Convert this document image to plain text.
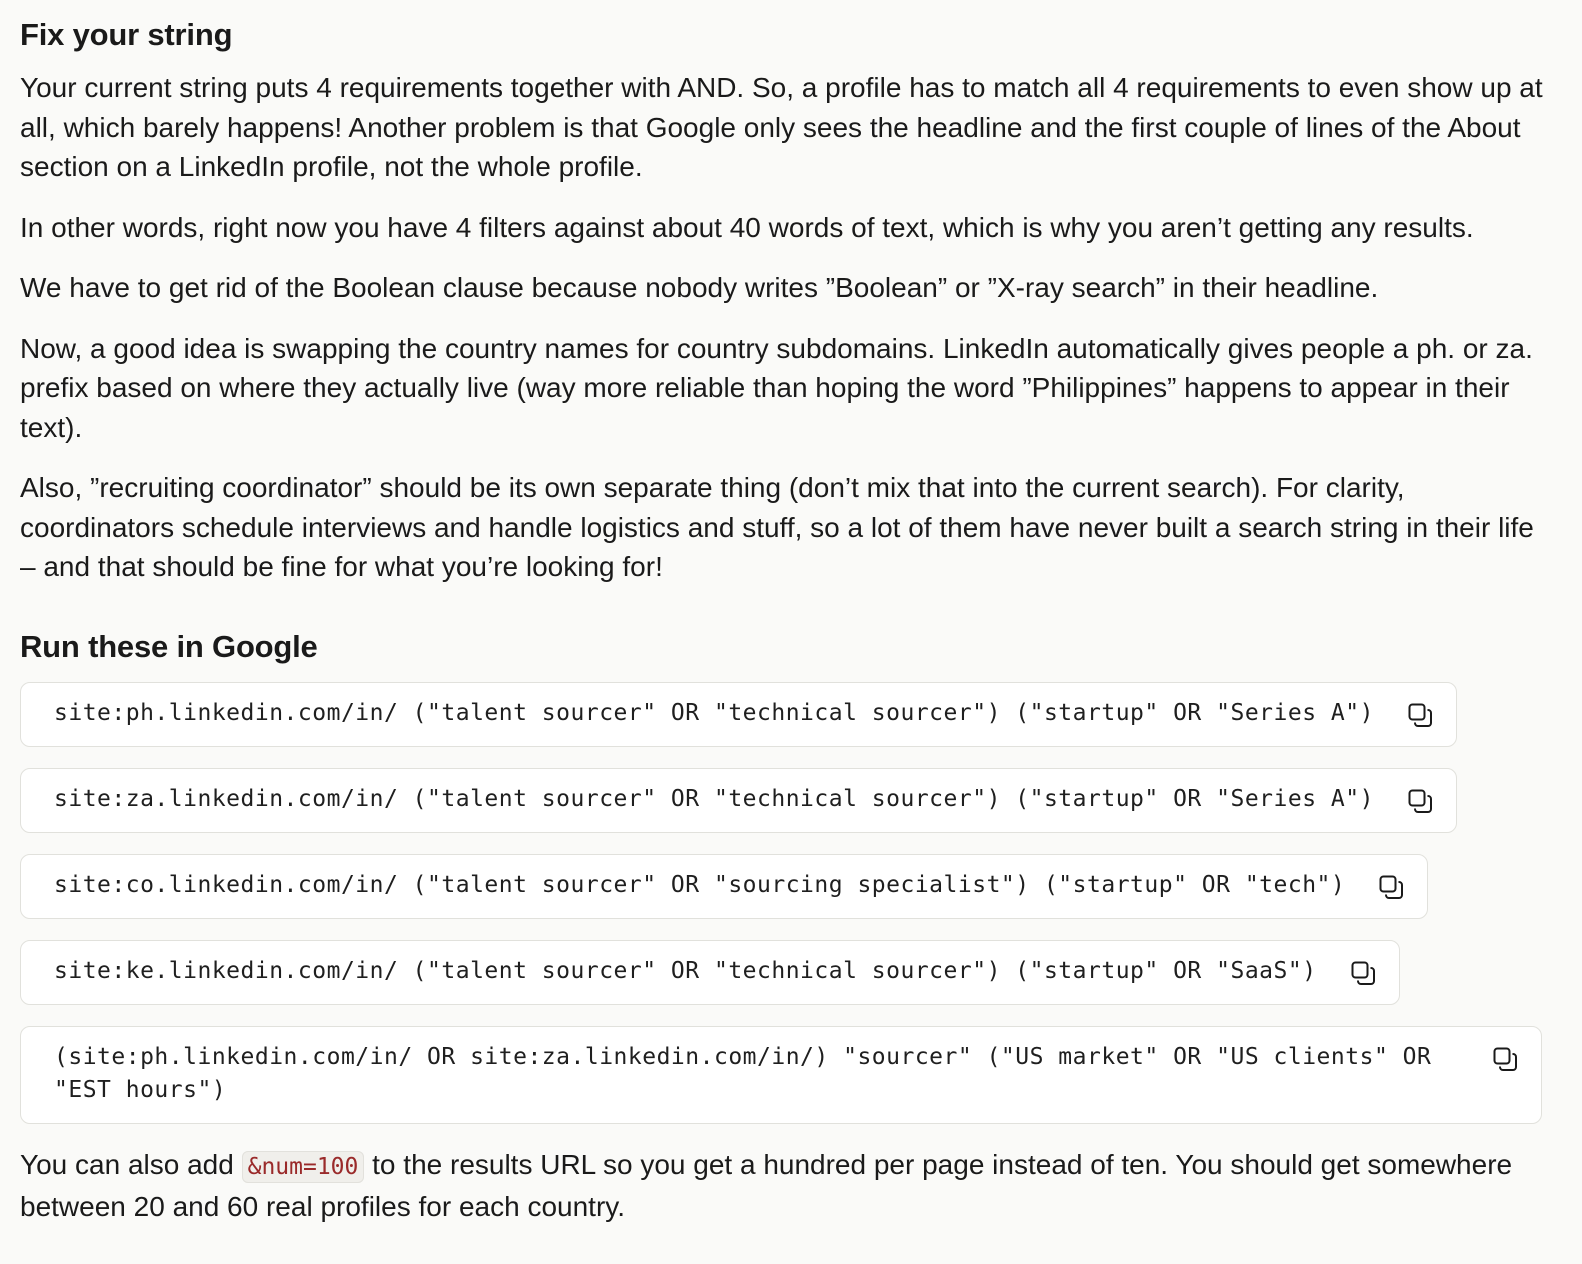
Fix your string

Your current string puts 4 requirements together with AND. So, a profile has to match all 4 requirements to even show up at all, which barely happens! Another problem is that Google only sees the headline and the first couple of lines of the About section on a LinkedIn profile, not the whole profile.

In other words, right now you have 4 filters against about 40 words of text, which is why you aren’t getting any results.

We have to get rid of the Boolean clause because nobody writes ”Boolean” or ”X-ray search” in their headline.

Now, a good idea is swapping the country names for country subdomains. LinkedIn automatically gives people a ph. or za. prefix based on where they actually live (way more reliable than hoping the word ”Philippines” happens to appear in their text).

Also, ”recruiting coordinator” should be its own separate thing (don’t mix that into the current search). For clarity, coordinators schedule interviews and handle logistics and stuff, so a lot of them have never built a search string in their life – and that should be fine for what you’re looking for!

Run these in Google
site:ph.linkedin.com/in/ ("talent sourcer" OR "technical sourcer") ("startup" OR "Series A")
site:za.linkedin.com/in/ ("talent sourcer" OR "technical sourcer") ("startup" OR "Series A")
site:co.linkedin.com/in/ ("talent sourcer" OR "sourcing specialist") ("startup" OR "tech")
site:ke.linkedin.com/in/ ("talent sourcer" OR "technical sourcer") ("startup" OR "SaaS")
(site:ph.linkedin.com/in/ OR site:za.linkedin.com/in/) "sourcer" ("US market" OR "US clients" OR "EST hours")

You can also add &num=100 to the results URL so you get a hundred per page instead of ten. You should get somewhere between 20 and 60 real profiles for each country.
